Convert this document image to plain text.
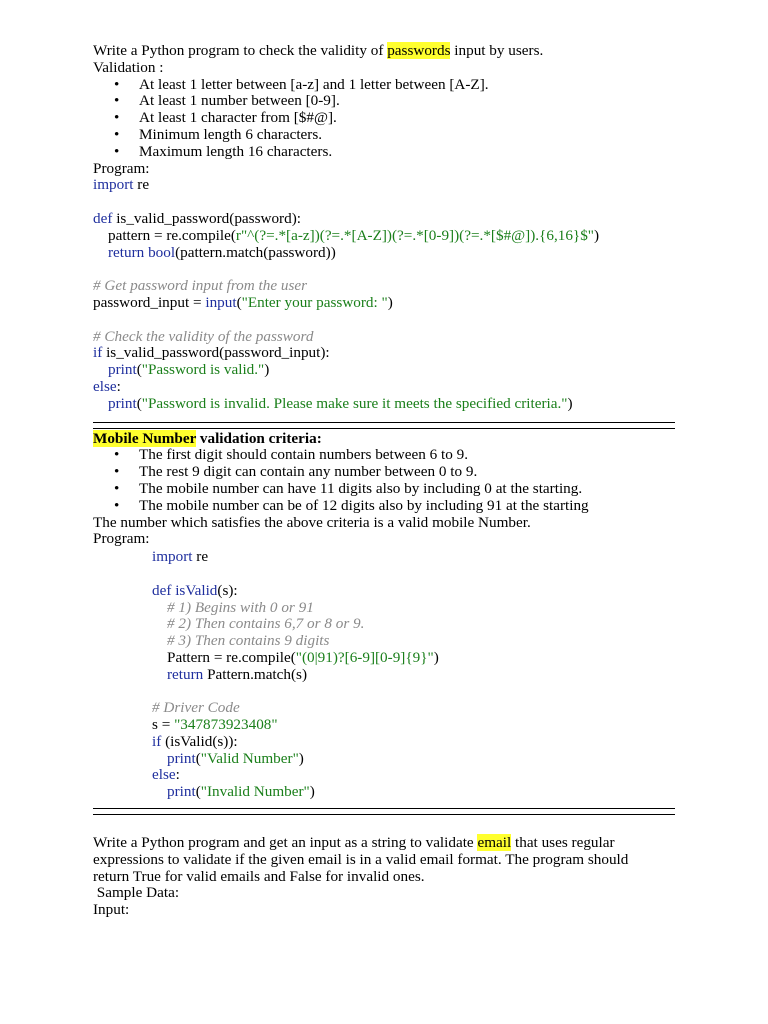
Write a Python program to check the validity of passwords input by users.
Validation :
• At least 1 letter between [a-z] and 1 letter between [A-Z].
• At least 1 number between [0-9].
• At least 1 character from [$#@].
• Minimum length 6 characters.
• Maximum length 16 characters.
Program:
import re
def is_valid_password(password):
pattern = re.compile(r"^(?=.*[a-z])(?=.*[A-Z])(?=.*[0-9])(?=.*[$#@]).{6,16}$")
return bool(pattern.match(password))
# Get password input from the user
password_input = input("Enter your password: ")
# Check the validity of the password
if is_valid_password(password_input):
print("Password is valid.")
else:
print("Password is invalid. Please make sure it meets the specified criteria.")
Mobile Number validation criteria:
• The first digit should contain numbers between 6 to 9.
• The rest 9 digit can contain any number between 0 to 9.
• The mobile number can have 11 digits also by including 0 at the starting.
• The mobile number can be of 12 digits also by including 91 at the starting
The number which satisfies the above criteria is a valid mobile Number.
Program:
import re
def isValid(s):
# 1) Begins with 0 or 91
# 2) Then contains 6,7 or 8 or 9.
# 3) Then contains 9 digits
Pattern = re.compile("(0|91)?[6-9][0-9]{9}")
return Pattern.match(s)
# Driver Code
s = "347873923408"
if (isValid(s)):
print("Valid Number")
else:
print("Invalid Number")
Write a Python program and get an input as a string to validate email that uses regular
expressions to validate if the given email is in a valid email format. The program should
return True for valid emails and False for invalid ones.
Sample Data:
Input:
